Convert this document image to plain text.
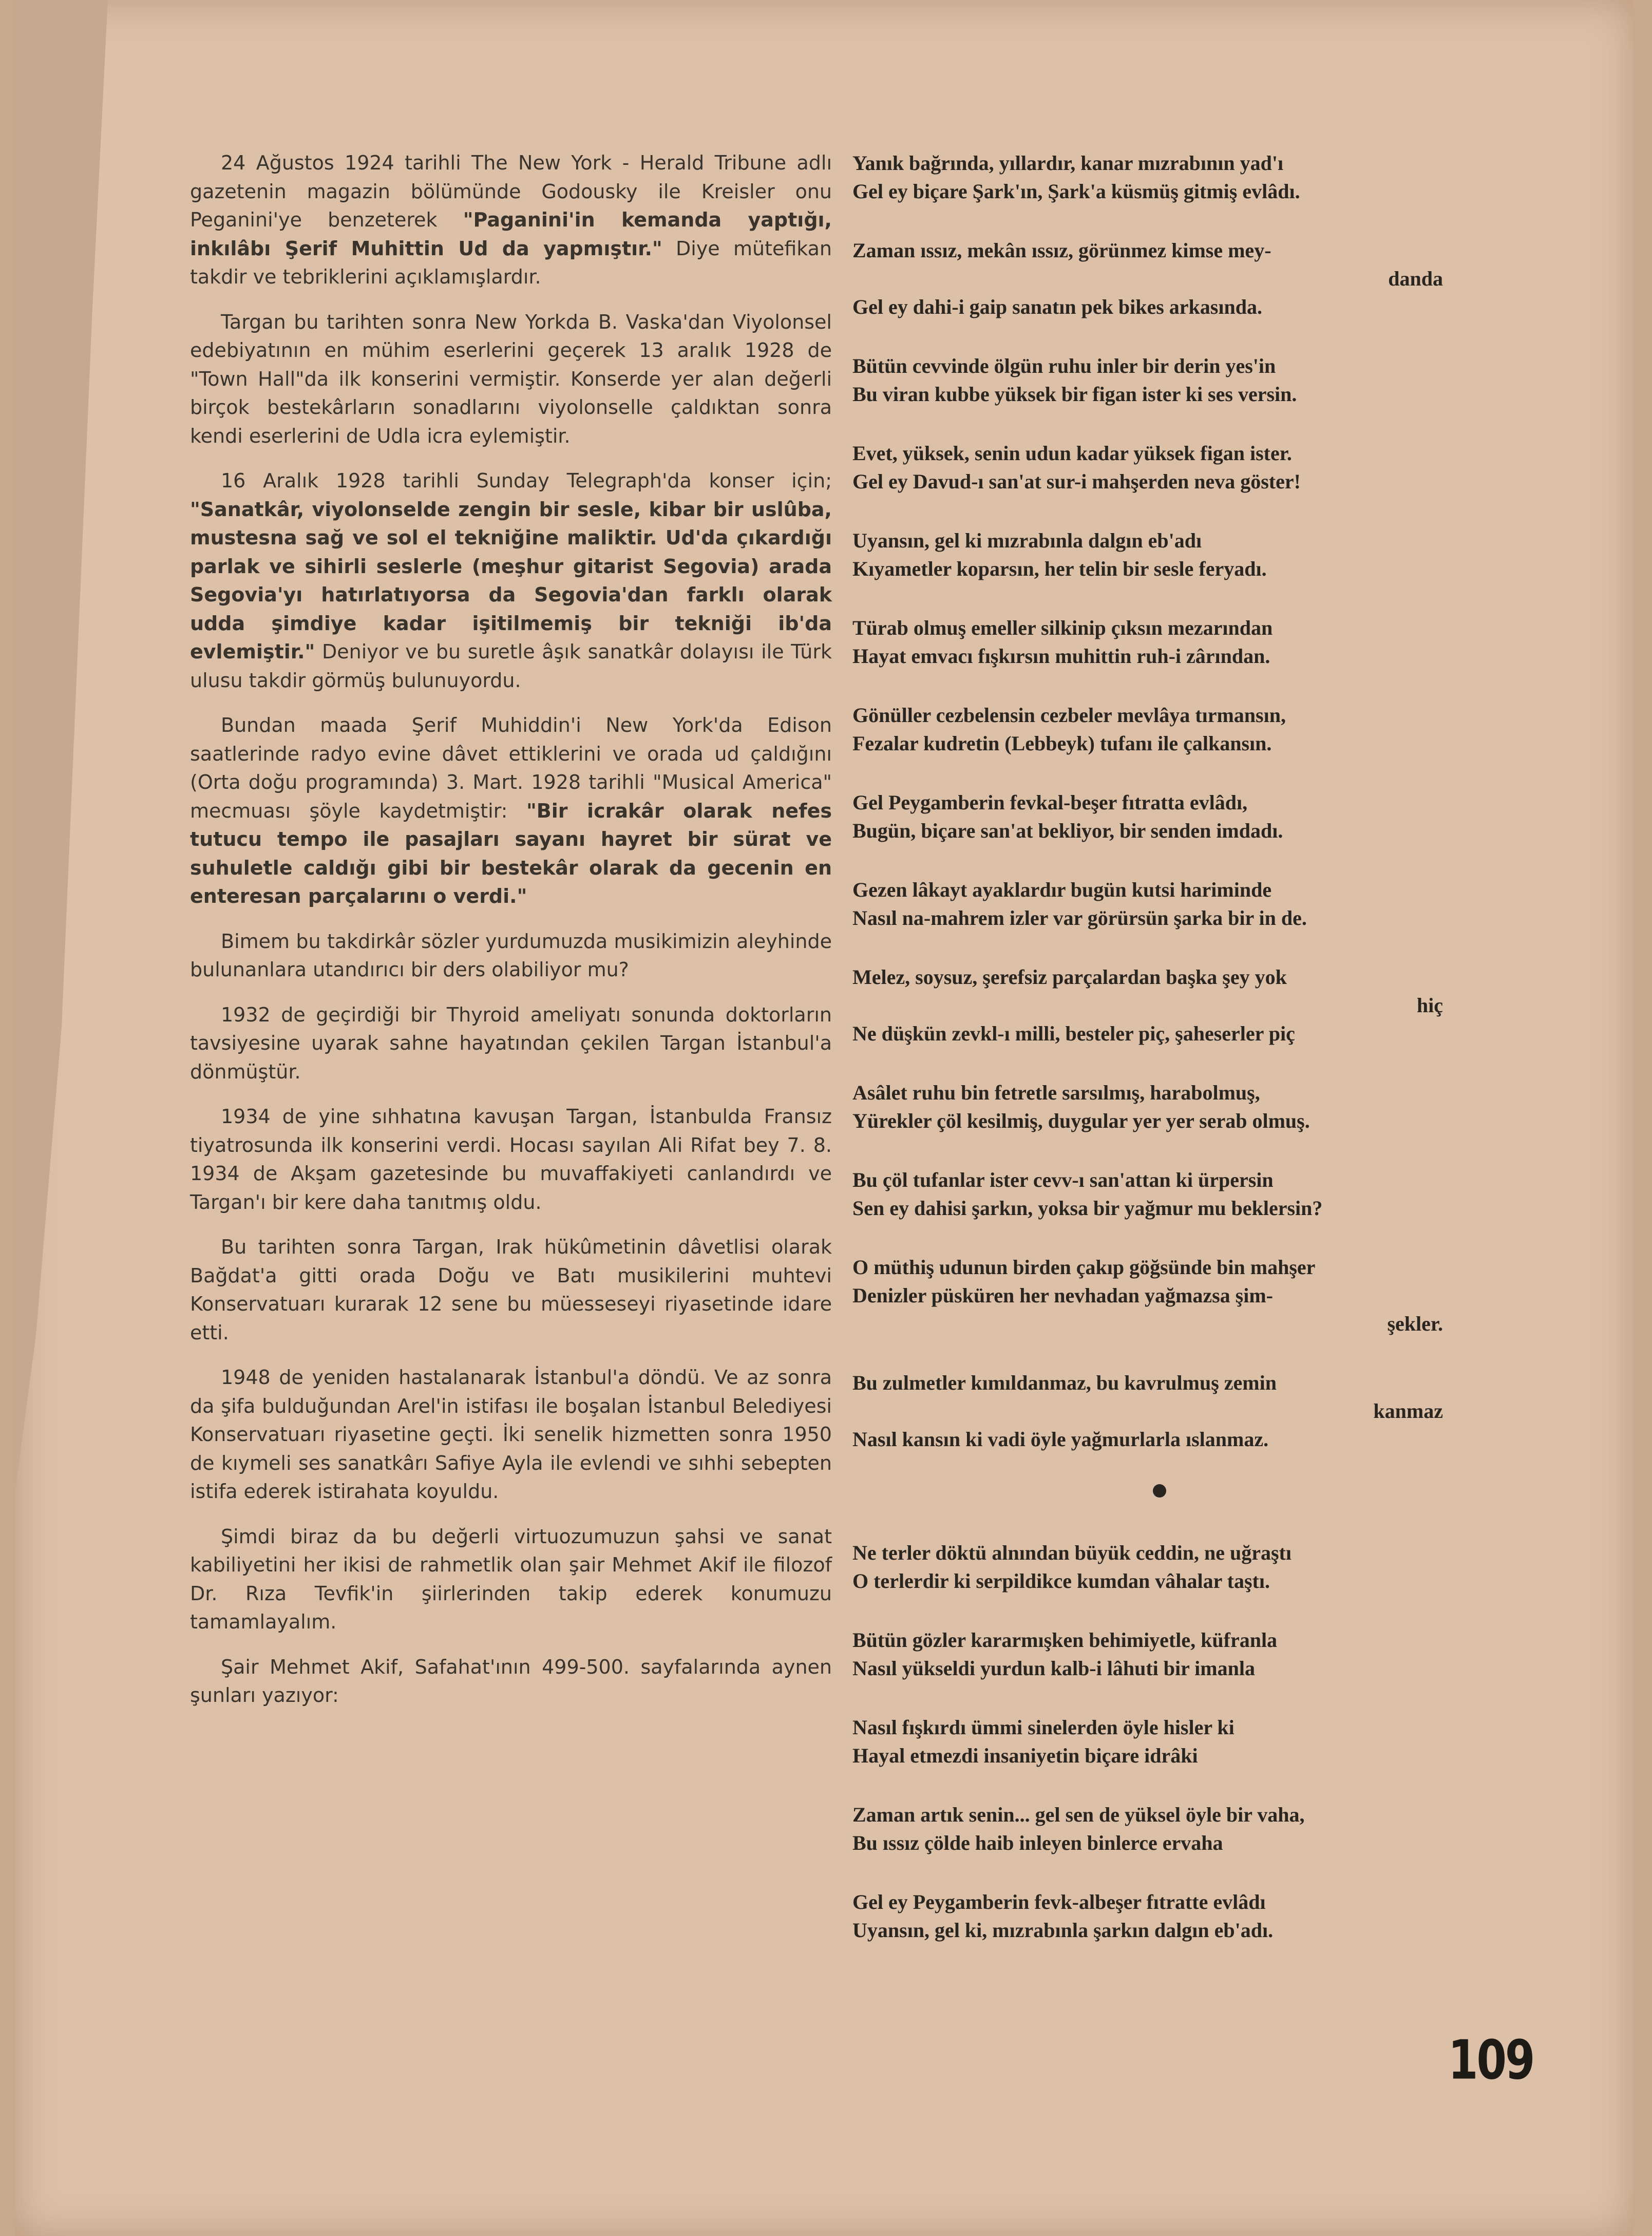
24 Ağustos 1924 tarihli The New York - Herald Tribune adlı gazetenin magazin bölümünde Godousky ile Kreisler onu Peganini'ye benzeterek "Paganini'in kemanda yaptığı, inkılâbı Şerif Muhittin Ud da yapmıştır." Diye mütefikan takdir ve tebriklerini açıklamışlardır.

Targan bu tarihten sonra New Yorkda B. Vaska'dan Viyolonsel edebiyatının en mühim eserlerini geçerek 13 aralık 1928 de "Town Hall"da ilk konserini vermiştir. Konserde yer alan değerli birçok bestekârların sonadlarını viyolonselle çaldıktan sonra kendi eserlerini de Udla icra eylemiştir.

16 Aralık 1928 tarihli Sunday Telegraph'da konser için; "Sanatkâr, viyolonselde zengin bir sesle, kibar bir uslûba, mustesna sağ ve sol el tekniğine maliktir. Ud'da çıkardığı parlak ve sihirli seslerle (meşhur gitarist Segovia) arada Segovia'yı hatırlatıyorsa da Segovia'dan farklı olarak udda şimdiye kadar işitilmemiş bir tekniği ib'da evlemiştir." Deniyor ve bu suretle âşık sanatkâr dolayısı ile Türk ulusu takdir görmüş bulunuyordu.

Bundan maada Şerif Muhiddin'i New York'da Edison saatlerinde radyo evine dâvet ettiklerini ve orada ud çaldığını (Orta doğu programında) 3. Mart. 1928 tarihli "Musical America" mecmuası şöyle kaydetmiştir: "Bir icrakâr olarak nefes tutucu tempo ile pasajları sayanı hayret bir sürat ve suhuletle caldığı gibi bir bestekâr olarak da gecenin en enteresan parçalarını o verdi."

Bimem bu takdirkâr sözler yurdumuzda musikimizin aleyhinde bulunanlara utandırıcı bir ders olabiliyor mu?

1932 de geçirdiği bir Thyroid ameliyatı sonunda doktorların tavsiyesine uyarak sahne hayatından çekilen Targan İstanbul'a dönmüştür.

1934 de yine sıhhatına kavuşan Targan, İstanbulda Fransız tiyatrosunda ilk konserini verdi. Hocası sayılan Ali Rifat bey 7. 8. 1934 de Akşam gazetesinde bu muvaffakiyeti canlandırdı ve Targan'ı bir kere daha tanıtmış oldu.

Bu tarihten sonra Targan, Irak hükûmetinin dâvetlisi olarak Bağdat'a gitti orada Doğu ve Batı musikilerini muhtevi Konservatuarı kurarak 12 sene bu müesseseyi riyasetinde idare etti.

1948 de yeniden hastalanarak İstanbul'a döndü. Ve az sonra da şifa bulduğundan Arel'in istifası ile boşalan İstanbul Belediyesi Konservatuarı riyasetine geçti. İki senelik hizmetten sonra 1950 de kıymeli ses sanatkârı Safiye Ayla ile evlendi ve sıhhi sebepten istifa ederek istirahata koyuldu.

Şimdi biraz da bu değerli virtuozumuzun şahsi ve sanat kabiliyetini her ikisi de rahmetlik olan şair Mehmet Akif ile filozof Dr. Rıza Tevfik'in şiirlerinden takip ederek konumuzu tamamlayalım.

Şair Mehmet Akif, Safahat'ının 499-500. sayfalarında aynen şunları yazıyor:

Yanık bağrında, yıllardır, kanar mızrabının yad'ı
Gel ey biçare Şark'ın, Şark'a küsmüş gitmiş evlâdı.
Zaman ıssız, mekân ıssız, görünmez kimse mey-
danda
Gel ey dahi-i gaip sanatın pek bikes arkasında.
Bütün cevvinde ölgün ruhu inler bir derin yes'in
Bu viran kubbe yüksek bir figan ister ki ses versin.
Evet, yüksek, senin udun kadar yüksek figan ister.
Gel ey Davud-ı san'at sur-i mahşerden neva göster!
Uyansın, gel ki mızrabınla dalgın eb'adı
Kıyametler koparsın, her telin bir sesle feryadı.
Türab olmuş emeller silkinip çıksın mezarından
Hayat emvacı fışkırsın muhittin ruh-i zârından.
Gönüller cezbelensin cezbeler mevlâya tırmansın,
Fezalar kudretin (Lebbeyk) tufanı ile çalkansın.
Gel Peygamberin fevkal-beşer fıtratta evlâdı,
Bugün, biçare san'at bekliyor, bir senden imdadı.
Gezen lâkayt ayaklardır bugün kutsi hariminde
Nasıl na-mahrem izler var görürsün şarka bir in de.
Melez, soysuz, şerefsiz parçalardan başka şey yok
hiç
Ne düşkün zevkl-ı milli, besteler piç, şaheserler piç
Asâlet ruhu bin fetretle sarsılmış, harabolmuş,
Yürekler çöl kesilmiş, duygular yer yer serab olmuş.
Bu çöl tufanlar ister cevv-ı san'attan ki ürpersin
Sen ey dahisi şarkın, yoksa bir yağmur mu beklersin?
O müthiş udunun birden çakıp göğsünde bin mahşer
Denizler püsküren her nevhadan yağmazsa şim-
şekler.
Bu zulmetler kımıldanmaz, bu kavrulmuş zemin
kanmaz
Nasıl kansın ki vadi öyle yağmurlarla ıslanmaz.
Ne terler döktü alnından büyük ceddin, ne uğraştı
O terlerdir ki serpildikce kumdan vâhalar taştı.
Bütün gözler kararmışken behimiyetle, küfranla
Nasıl yükseldi yurdun kalb-i lâhuti bir imanla
Nasıl fışkırdı ümmi sinelerden öyle hisler ki
Hayal etmezdi insaniyetin biçare idrâki
Zaman artık senin... gel sen de yüksel öyle bir vaha,
Bu ıssız çölde haib inleyen binlerce ervaha
Gel ey Peygamberin fevk-albeşer fıtratte evlâdı
Uyansın, gel ki, mızrabınla şarkın dalgın eb'adı.
109
